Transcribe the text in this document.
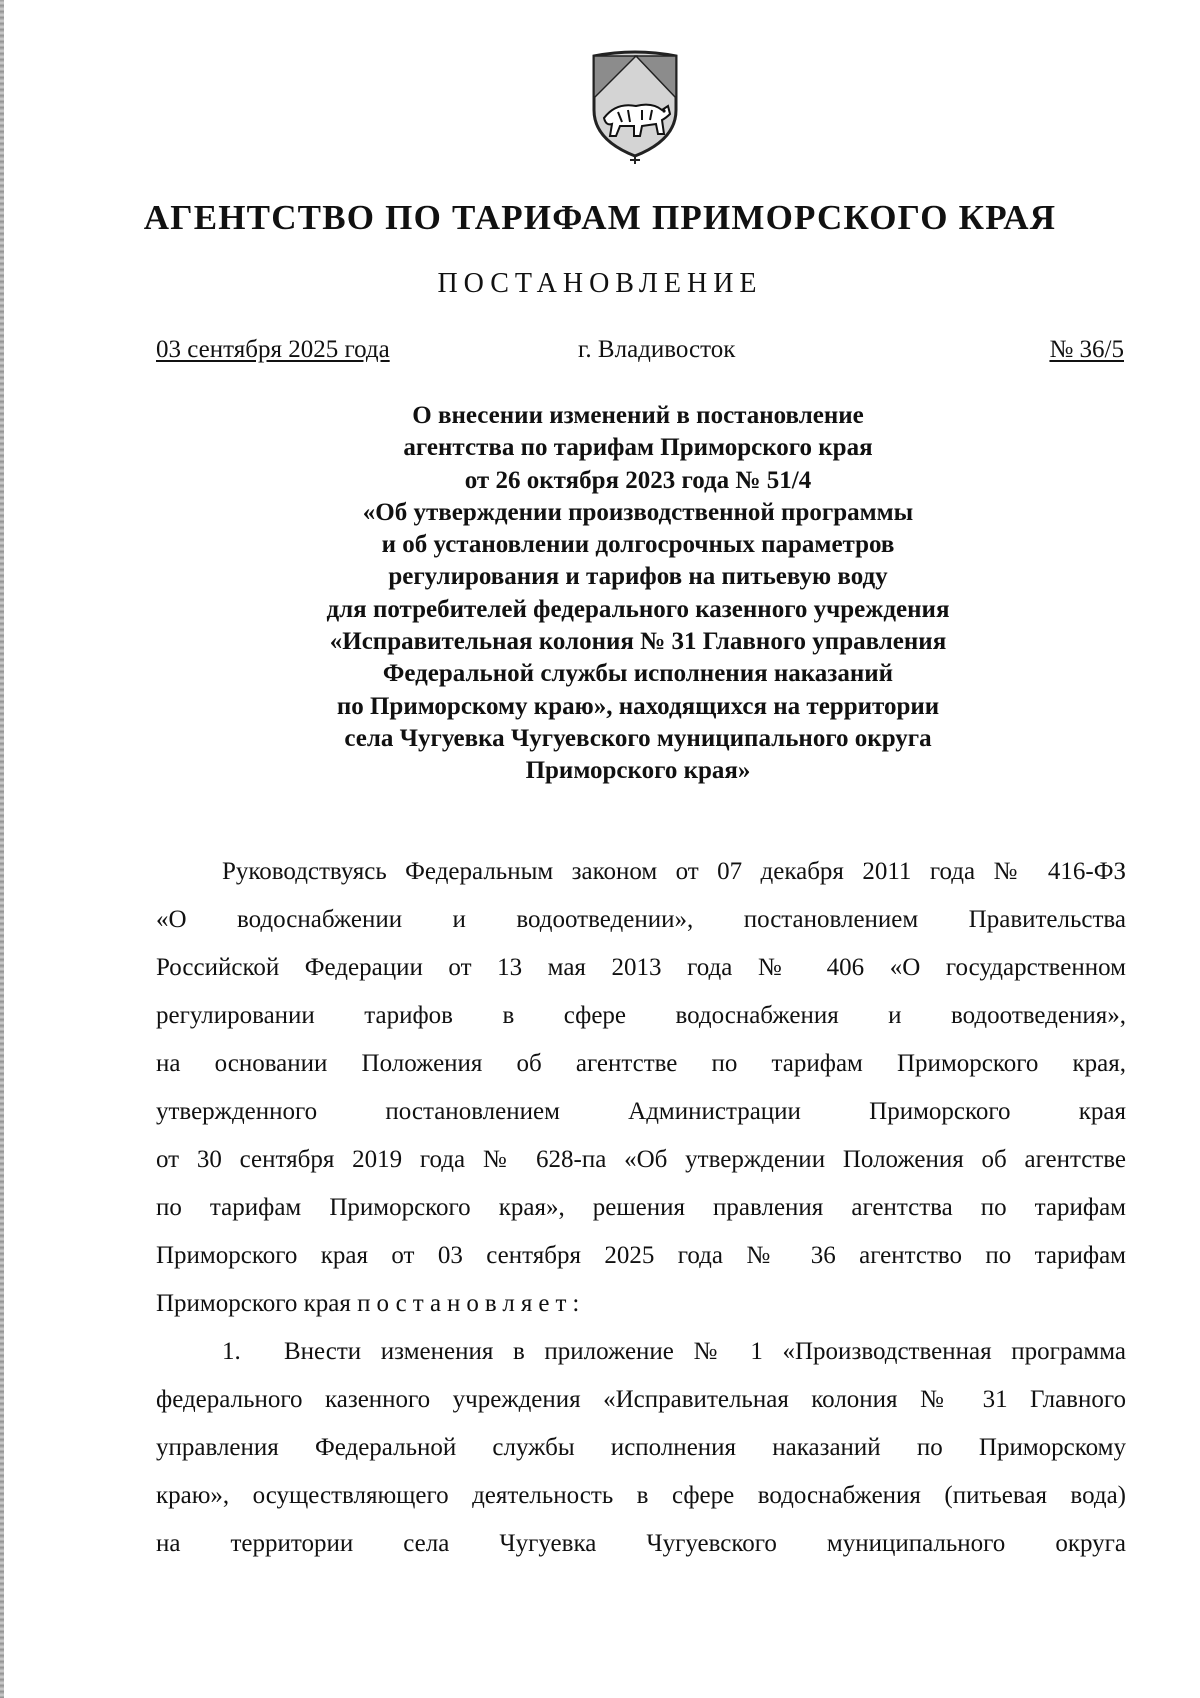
АГЕНТСТВО ПО ТАРИФАМ ПРИМОРСКОГО КРАЯ
ПОСТАНОВЛЕНИЕ
03 сентября 2025 года	г. Владивосток	№ 36/5
О внесении изменений в постановление
агентства по тарифам Приморского края
от 26 октября 2023 года № 51/4
«Об утверждении производственной программы
и об установлении долгосрочных параметров
регулирования и тарифов на питьевую воду
для потребителей федерального казенного учреждения
«Исправительная колония № 31 Главного управления
Федеральной службы исполнения наказаний
по Приморскому краю», находящихся на территории
села Чугуевка Чугуевского муниципального округа
Приморского края»
Руководствуясь Федеральным законом от 07 декабря 2011 года № 416-ФЗ
«О водоснабжении и водоотведении», постановлением Правительства
Российской Федерации от 13 мая 2013 года № 406 «О государственном
регулировании тарифов в сфере водоснабжения и водоотведения»,
на основании Положения об агентстве по тарифам Приморского края,
утвержденного постановлением Администрации Приморского края
от 30 сентября 2019 года № 628-па «Об утверждении Положения об агентстве
по тарифам Приморского края», решения правления агентства по тарифам
Приморского края от 03 сентября 2025 года № 36 агентство по тарифам
Приморского края постановляет:
1. Внести изменения в приложение № 1 «Производственная программа
федерального казенного учреждения «Исправительная колония № 31 Главного
управления Федеральной службы исполнения наказаний по Приморскому
краю», осуществляющего деятельность в сфере водоснабжения (питьевая вода)
на территории села Чугуевка Чугуевского муниципального округа
